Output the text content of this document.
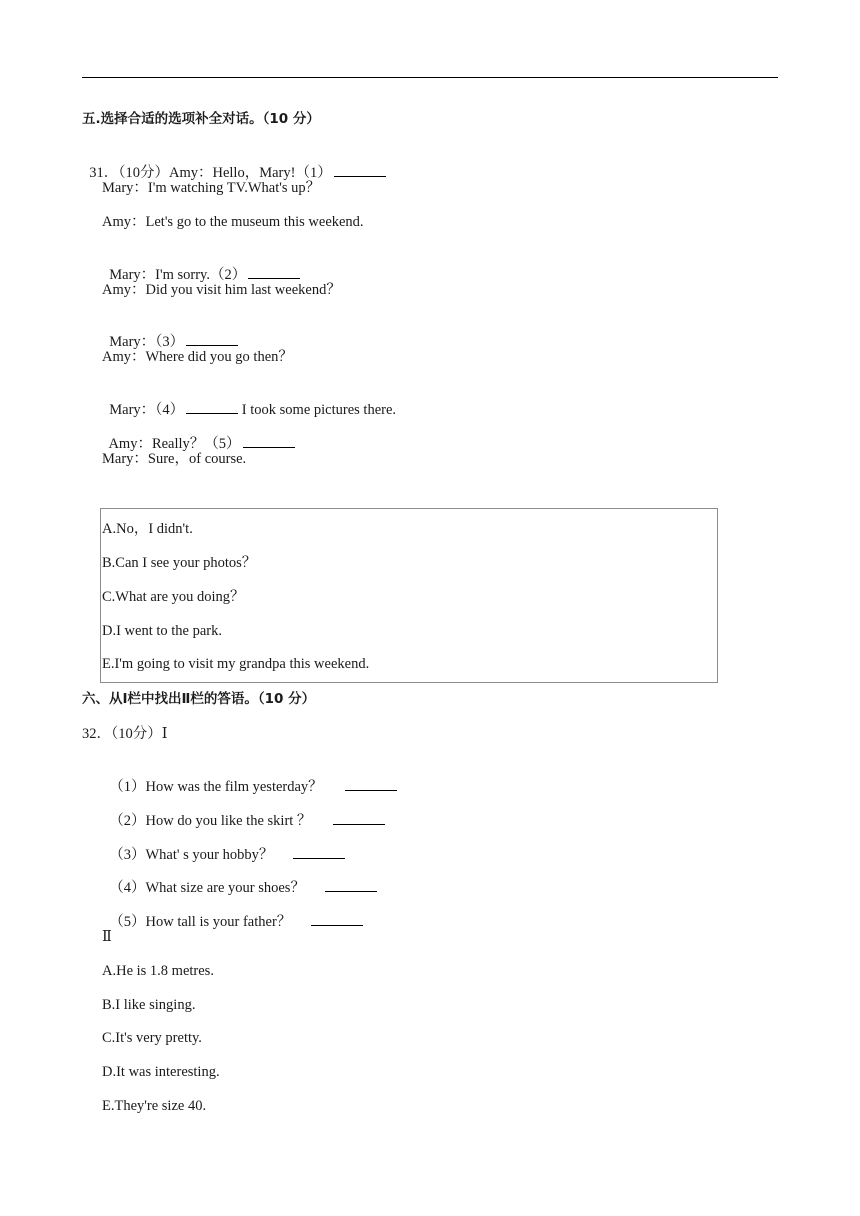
五.选择合适的选项补全对话。（10 分）

31．（10分）Amy：Hello，Mary!（1）

Mary：I'm watching TV.What's up？
Amy：Let's go to the museum this weekend.

Mary：I'm sorry.（2）

Amy：Did you visit him last weekend？

Mary：（3）

Amy：Where did you go then？

Mary：（4）	I took some pictures there.

Amy：Really？（5）

Mary：Sure，of course.
A.No，I didn't.
B.Can I see your photos？
C.What are you doing？
D.I went to the park.
E.I'm going to visit my grandpa this weekend.
六、从Ⅰ栏中找出Ⅱ栏的答语。（10 分）
32．（10分）Ⅰ

（1）How was the film yesterday？

（2）How do you like the skirt ？

（3）What' s your hobby？

（4）What size are your shoes？

（5）How tall is your father？

Ⅱ
A.He is 1.8 metres.
B.I like singing.
C.It's very pretty.
D.It was interesting.
E.They're size 40.
